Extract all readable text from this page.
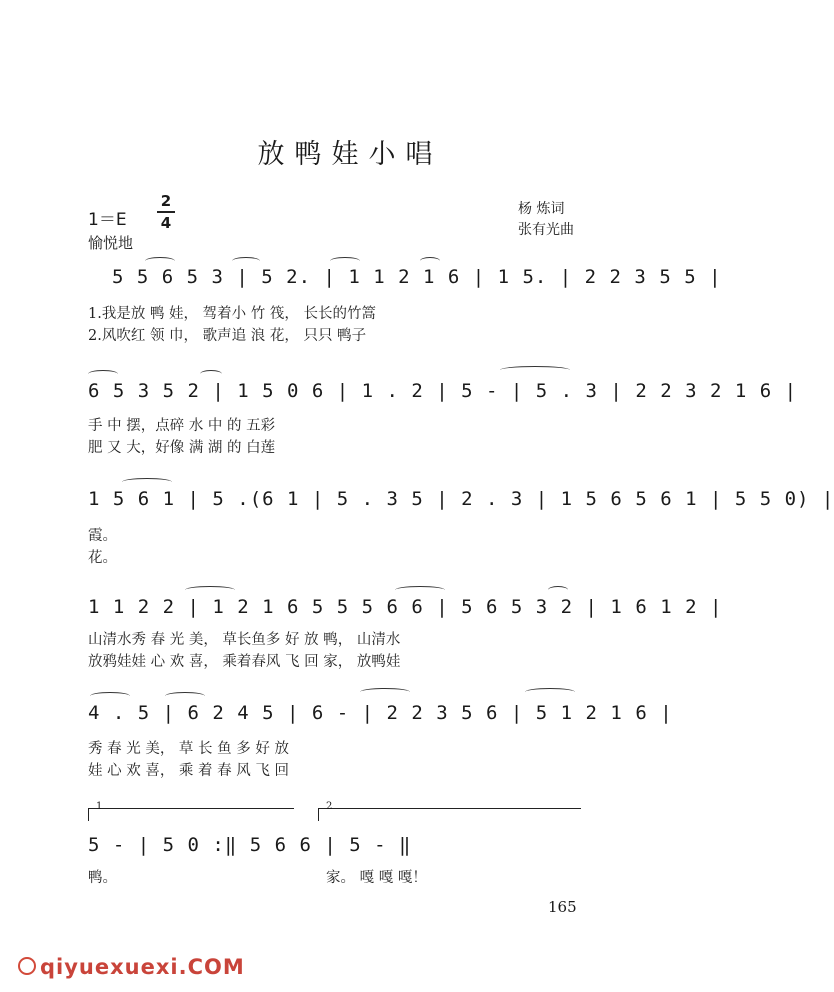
放鸭娃小唱
1＝E
2
4
愉悦地
杨 炼词
张有光曲
5 5 6 5 3 | 5 2. | 1 1 2 1 6 | 1 5. | 2 2 3 5 5 |
1.我是放 鸭 娃， 驾着小 竹 筏， 长长的竹篙
2.风吹红 领 巾， 歌声追 浪 花， 只只 鸭子
6 5 3 5 2 | 1 5 0 6 | 1 . 2 | 5 - | 5 . 3 | 2 2 3 2 1 6 |
手 中 摆，点碎 水 中 的 五彩
肥 又 大，好像 满 湖 的 白莲
1 5 6 1 | 5 .(6 1 | 5 . 3 5 | 2 . 3 | 1 5 6 5 6 1 | 5 5 0) |
霞。
花。
1 1 2 2 | 1 2 1 6 5 5 5 6 6 | 5 6 5 3 2 | 1 6 1 2 |
山清水秀 春 光 美， 草长鱼多 好 放 鸭， 山清水
放鸦娃娃 心 欢 喜， 乘着春风 飞 回 家， 放鸭娃
4 . 5 | 6 2 4 5 | 6 - | 2 2 3 5 6 | 5 1 2 1 6 |
秀 春 光 美， 草 长 鱼 多 好 放
娃 心 欢 喜， 乘 着 春 风 飞 回
1	2
5 - | 5 0 :‖ 5 6 6 | 5 - ‖
鸭。	家。 嘎 嘎 嘎！
165
qiyuexuexi.COM
